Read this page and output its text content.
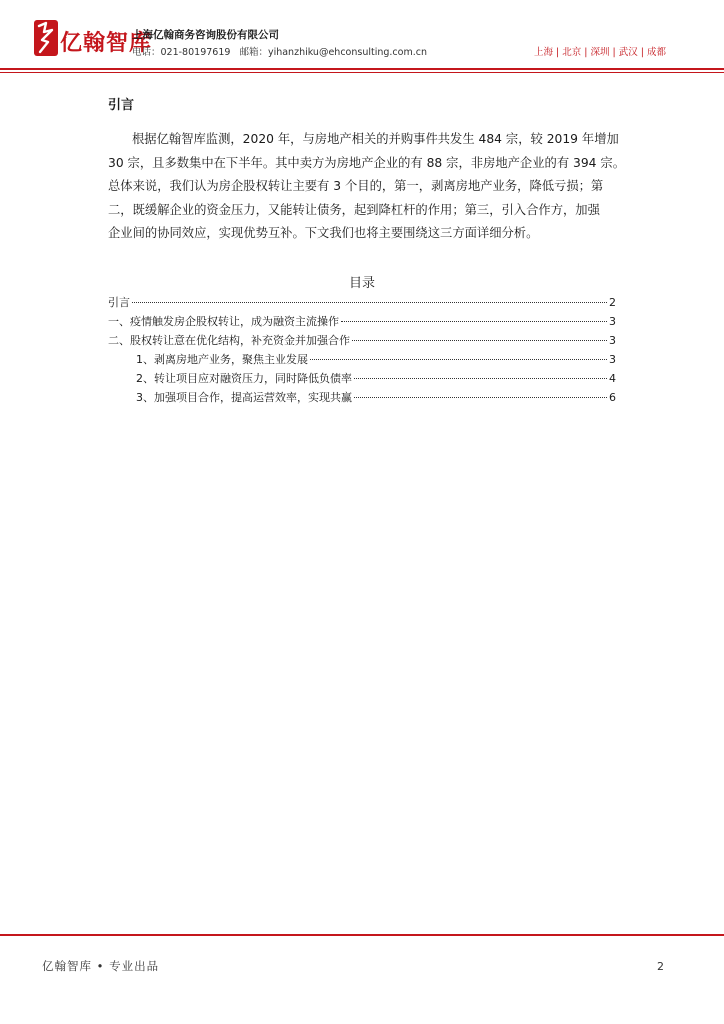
亿翰智库
上海亿翰商务咨询股份有限公司
电话：021-80197619 邮箱：yihanzhiku@ehconsulting.com.cn	上海 | 北京 | 深圳 | 武汉 | 成都
引言
根据亿翰智库监测，2020 年，与房地产相关的并购事件共发生 484 宗，较 2019 年增加
30 宗，且多数集中在下半年。其中卖方为房地产企业的有 88 宗，非房地产企业的有 394 宗。
总体来说，我们认为房企股权转让主要有 3 个目的，第一，剥离房地产业务，降低亏损；第
二，既缓解企业的资金压力，又能转让债务，起到降杠杆的作用；第三，引入合作方，加强
企业间的协同效应，实现优势互补。下文我们也将主要围绕这三方面详细分析。
目录
引言	2
一、疫情触发房企股权转让，成为融资主流操作	3
二、股权转让意在优化结构，补充资金并加强合作	3
1、剥离房地产业务，聚焦主业发展	3
2、转让项目应对融资压力，同时降低负债率	4
3、加强项目合作，提高运营效率，实现共赢	6
亿翰智库 • 专业出品	2
